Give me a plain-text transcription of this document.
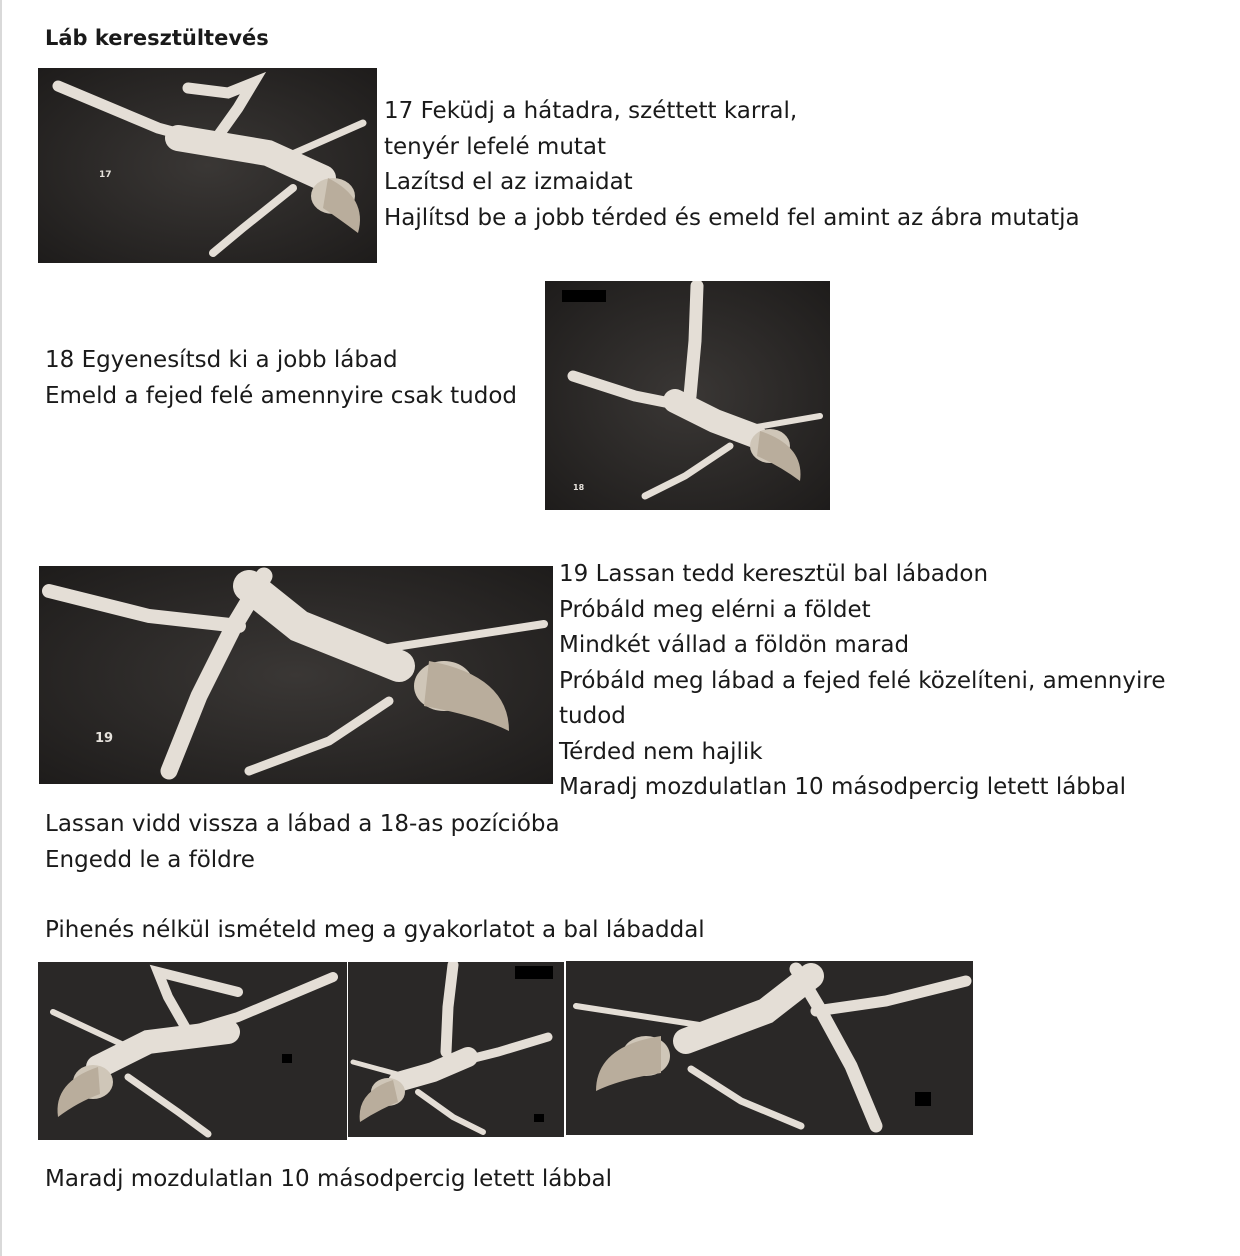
Láb keresztültevés
17
17 Feküdj a hátadra, széttett karral,
tenyér lefelé mutat
Lazítsd el az izmaidat
Hajlítsd be a jobb térded és emeld fel amint az ábra mutatja
18 Egyenesítsd ki a jobb lábad
Emeld a fejed felé amennyire csak tudod
18
19
19 Lassan tedd keresztül bal lábadon
Próbáld meg elérni a földet
Mindkét vállad a földön marad
Próbáld meg lábad a fejed felé közelíteni, amennyire
tudod
Térded nem hajlik
Maradj mozdulatlan 10 másodpercig letett lábbal
Lassan vidd vissza a lábad a 18-as pozícióba
Engedd le a földre
Pihenés nélkül ismételd meg a gyakorlatot a bal lábaddal
Maradj mozdulatlan 10 másodpercig letett lábbal
